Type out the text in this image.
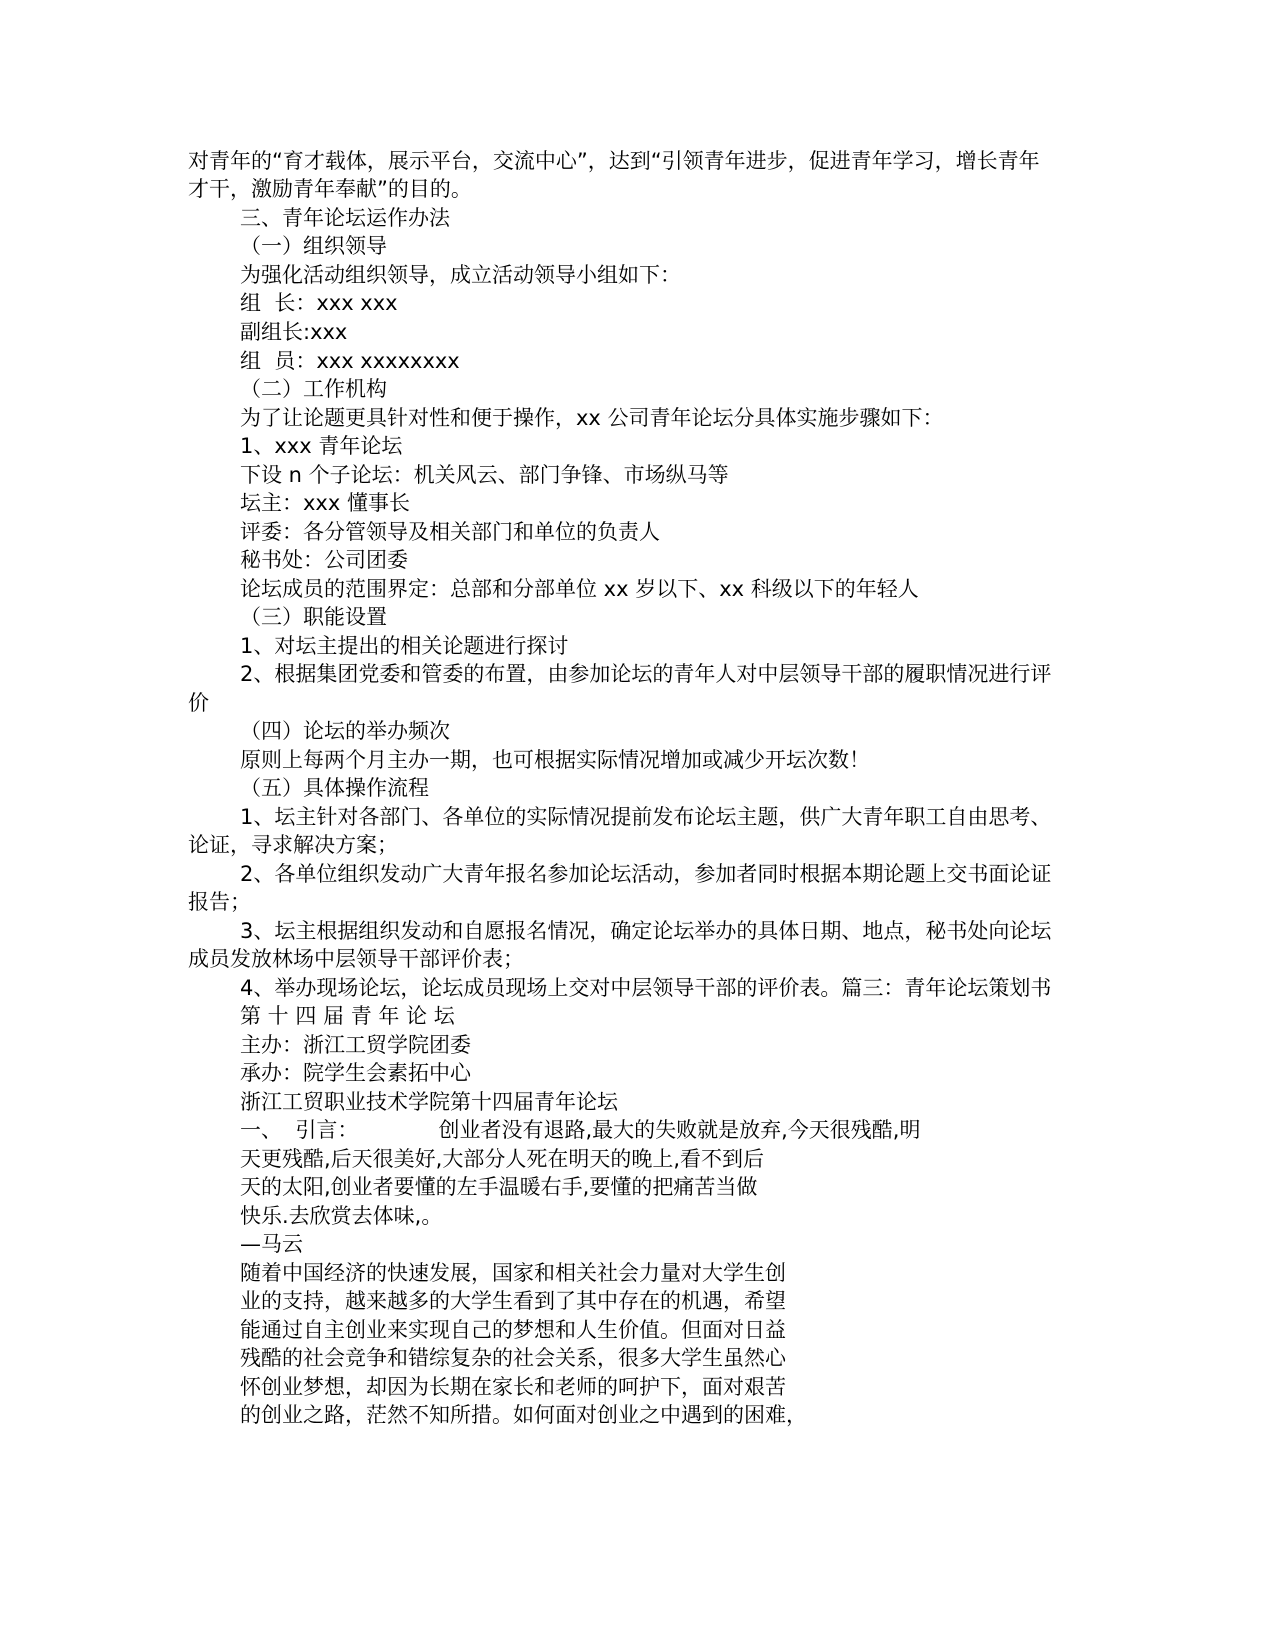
对青年的“育才载体，展示平台，交流中心”，达到“引领青年进步，促进青年学习，增长青年
才干，激励青年奉献”的目的。
三、青年论坛运作办法
（一）组织领导
为强化活动组织领导，成立活动领导小组如下：
组  长：xxx xxx
副组长:xxx
组  员：xxx xxxxxxxx
（二）工作机构
为了让论题更具针对性和便于操作，xx 公司青年论坛分具体实施步骤如下：
1、xxx 青年论坛
下设 n 个子论坛：机关风云、部门争锋、市场纵马等
坛主：xxx 懂事长
评委：各分管领导及相关部门和单位的负责人
秘书处：公司团委
论坛成员的范围界定：总部和分部单位 xx 岁以下、xx 科级以下的年轻人
（三）职能设置
1、对坛主提出的相关论题进行探讨
2、根据集团党委和管委的布置，由参加论坛的青年人对中层领导干部的履职情况进行评
价
（四）论坛的举办频次
原则上每两个月主办一期，也可根据实际情况增加或减少开坛次数！
（五）具体操作流程
1、坛主针对各部门、各单位的实际情况提前发布论坛主题，供广大青年职工自由思考、
论证，寻求解决方案；
2、各单位组织发动广大青年报名参加论坛活动，参加者同时根据本期论题上交书面论证
报告；
3、坛主根据组织发动和自愿报名情况，确定论坛举办的具体日期、地点，秘书处向论坛
成员发放林场中层领导干部评价表；
4、举办现场论坛，论坛成员现场上交对中层领导干部的评价表。篇三：青年论坛策划书
第 十 四 届 青 年 论 坛
主办：浙江工贸学院团委
承办：院学生会素拓中心
浙江工贸职业技术学院第十四届青年论坛
一、  引言：            创业者没有退路,最大的失败就是放弃,今天很残酷,明
天更残酷,后天很美好,大部分人死在明天的晚上,看不到后
天的太阳,创业者要懂的左手温暖右手,要懂的把痛苦当做
快乐.去欣赏去体味,。
—马云
随着中国经济的快速发展，国家和相关社会力量对大学生创
业的支持，越来越多的大学生看到了其中存在的机遇，希望
能通过自主创业来实现自己的梦想和人生价值。但面对日益
残酷的社会竞争和错综复杂的社会关系，很多大学生虽然心
怀创业梦想，却因为长期在家长和老师的呵护下，面对艰苦
的创业之路，茫然不知所措。如何面对创业之中遇到的困难，
